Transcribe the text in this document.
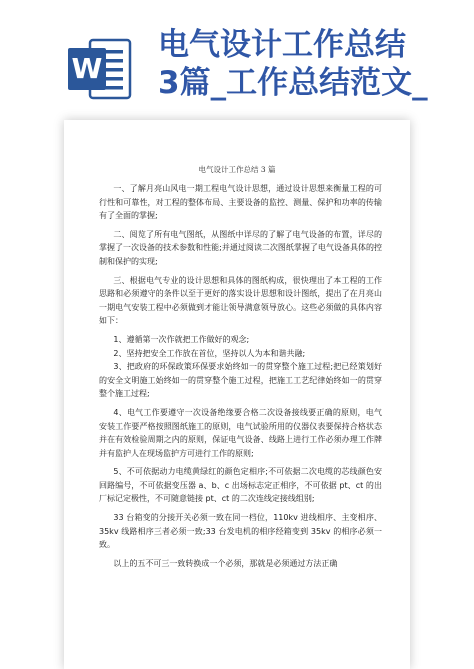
W
电气设计工作总结
3篇_工作总结范文_
电气设计工作总结 3 篇

一、了解月亮山风电一期工程电气设计思想，通过设计思想来衡量工程的可行性和可靠性，对工程的整体布局、主要设备的监控、测量、保护和功率的传输有了全面的掌握;

二、阅览了所有电气图纸，从图纸中详尽的了解了电气设备的布置，详尽的掌握了一次设备的技术参数和性能;并通过阅读二次图纸掌握了电气设备具体的控制和保护的实现;

三、根据电气专业的设计思想和具体的图纸构成，很快理出了本工程的工作思路和必须遵守的条件以至于更好的落实设计思想和设计图纸，提出了在月亮山一期电气安装工程中必须做到才能让领导满意领导放心。这些必须做的具体内容如下：

1、遵循第一次作就把工作做好的观念;

2、坚持把安全工作放在首位，坚持以人为本和谐共融;

3、把政府的环保政策环保要求始终如一的贯穿整个施工过程;把已经策划好的安全文明施工始终如一的贯穿整个施工过程，把施工工艺纪律始终如一的贯穿整个施工过程;

4、电气工作要遵守一次设备绝缘要合格二次设备接线要正确的原则，电气安装工作要严格按照图纸施工的原则，电气试验所用的仪器仪表要保持合格状态并在有效检验周期之内的原则，保证电气设备、线路上进行工作必须办理工作牌并有监护人在现场监护方可进行工作的原则;

5、不可依据动力电缆黄绿红的颜色定相序;不可依据二次电缆的芯线颜色安回路编号，不可依据变压器 a、b、c 出场标志定正相序，不可依据 pt、ct 的出厂标记定极性，不可随意链接 pt、ct 的二次连线定接线组别;

33 台箱变的分接开关必须一致在同一档位，110kv 进线相序、主变相序、35kv 线路相序三者必须一致;33 台发电机的相序经箱变到 35kv 的相序必须一致。

以上的五不可三一致转换成一个必须，那就是必须通过方法正确
